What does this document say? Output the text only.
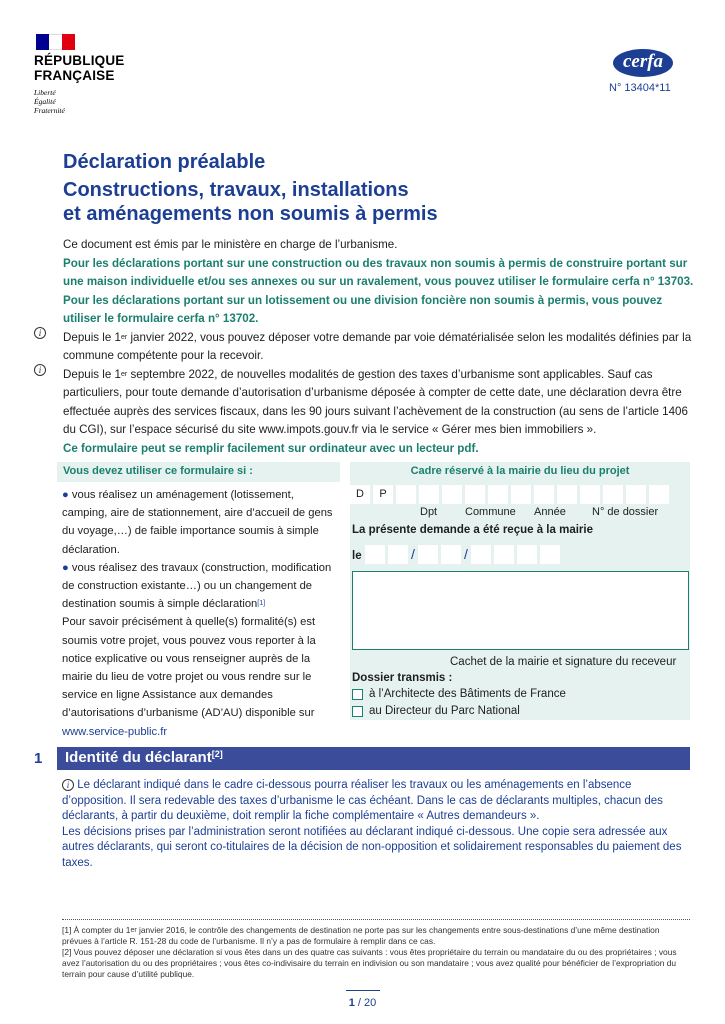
RÉPUBLIQUE
FRANÇAISE
Liberté
Égalité
Fraternité
cerfa
N° 13404*11
Déclaration préalable
Constructions, travaux, installations
et aménagements non soumis à permis
Ce document est émis par le ministère en charge de l’urbanisme.
Pour les déclarations portant sur une construction ou des travaux non soumis à permis de construire portant sur une maison individuelle et/ou ses annexes ou sur un ravalement, vous pouvez utiliser le formulaire cerfa n° 13703. Pour les déclarations portant sur un lotissement ou une division foncière non soumis à permis, vous pouvez utiliser le formulaire cerfa n° 13702.
Depuis le 1er janvier 2022, vous pouvez déposer votre demande par voie dématérialisée selon les modalités définies par la commune compétente pour la recevoir.
Depuis le 1er septembre 2022, de nouvelles modalités de gestion des taxes d’urbanisme sont applicables. Sauf cas particuliers, pour toute demande d’autorisation d’urbanisme déposée à compter de cette date, une déclaration devra être effectuée auprès des services fiscaux, dans les 90 jours suivant l’achèvement de la construction (au sens de l’article 1406 du CGI), sur l’espace sécurisé du site www.impots.gouv.fr via le service « Gérer mes bien immobiliers ».
Ce formulaire peut se remplir facilement sur ordinateur avec un lecteur pdf.
i
i
Vous devez utiliser ce formulaire si :
● vous réalisez un aménagement (lotissement, camping, aire de stationnement, aire d’accueil de gens du voyage,…) de faible importance soumis à simple déclaration.
● vous réalisez des travaux (construction, modification de construction existante…) ou un changement de destination soumis à simple déclaration[1]
Pour savoir précisément à quelle(s) formalité(s) est soumis votre projet, vous pouvez vous reporter à la notice explicative ou vous renseigner auprès de la mairie du lieu de votre projet ou vous rendre sur le service en ligne Assistance aux demandes d’autorisations d’urbanisme (AD’AU) disponible sur
www.service-public.fr
Cadre réservé à la mairie du lieu du projet
D	P
Dpt	Commune Année N° de dossier
La présente demande a été reçue à la mairie
le	/	/
Cachet de la mairie et signature du receveur
Dossier transmis :
à l’Architecte des Bâtiments de France
au Directeur du Parc National
1	Identité du déclarant[2]
i Le déclarant indiqué dans le cadre ci-dessous pourra réaliser les travaux ou les aménagements en l’absence d’opposition. Il sera redevable des taxes d’urbanisme le cas échéant. Dans le cas de déclarants multiples, chacun des déclarants, à partir du deuxième, doit remplir la fiche complémentaire « Autres demandeurs ».
Les décisions prises par l’administration seront notifiées au déclarant indiqué ci-dessous. Une copie sera adressée aux autres déclarants, qui seront co-titulaires de la décision de non-opposition et solidairement responsables du paiement des taxes.
[1] À compter du 1er janvier 2016, le contrôle des changements de destination ne porte pas sur les changements entre sous-destinations d’une même destination prévues à l’article R. 151-28 du code de l’urbanisme. Il n’y a pas de formulaire à remplir dans ce cas.
[2] Vous pouvez déposer une déclaration si vous êtes dans un des quatre cas suivants : vous êtes propriétaire du terrain ou mandataire du ou des propriétaires ; vous avez l’autorisation du ou des propriétaires ; vous êtes co-indivisaire du terrain en indivision ou son mandataire ; vous avez qualité pour bénéficier de l’expropriation du terrain pour cause d’utilité publique.
1 / 20
